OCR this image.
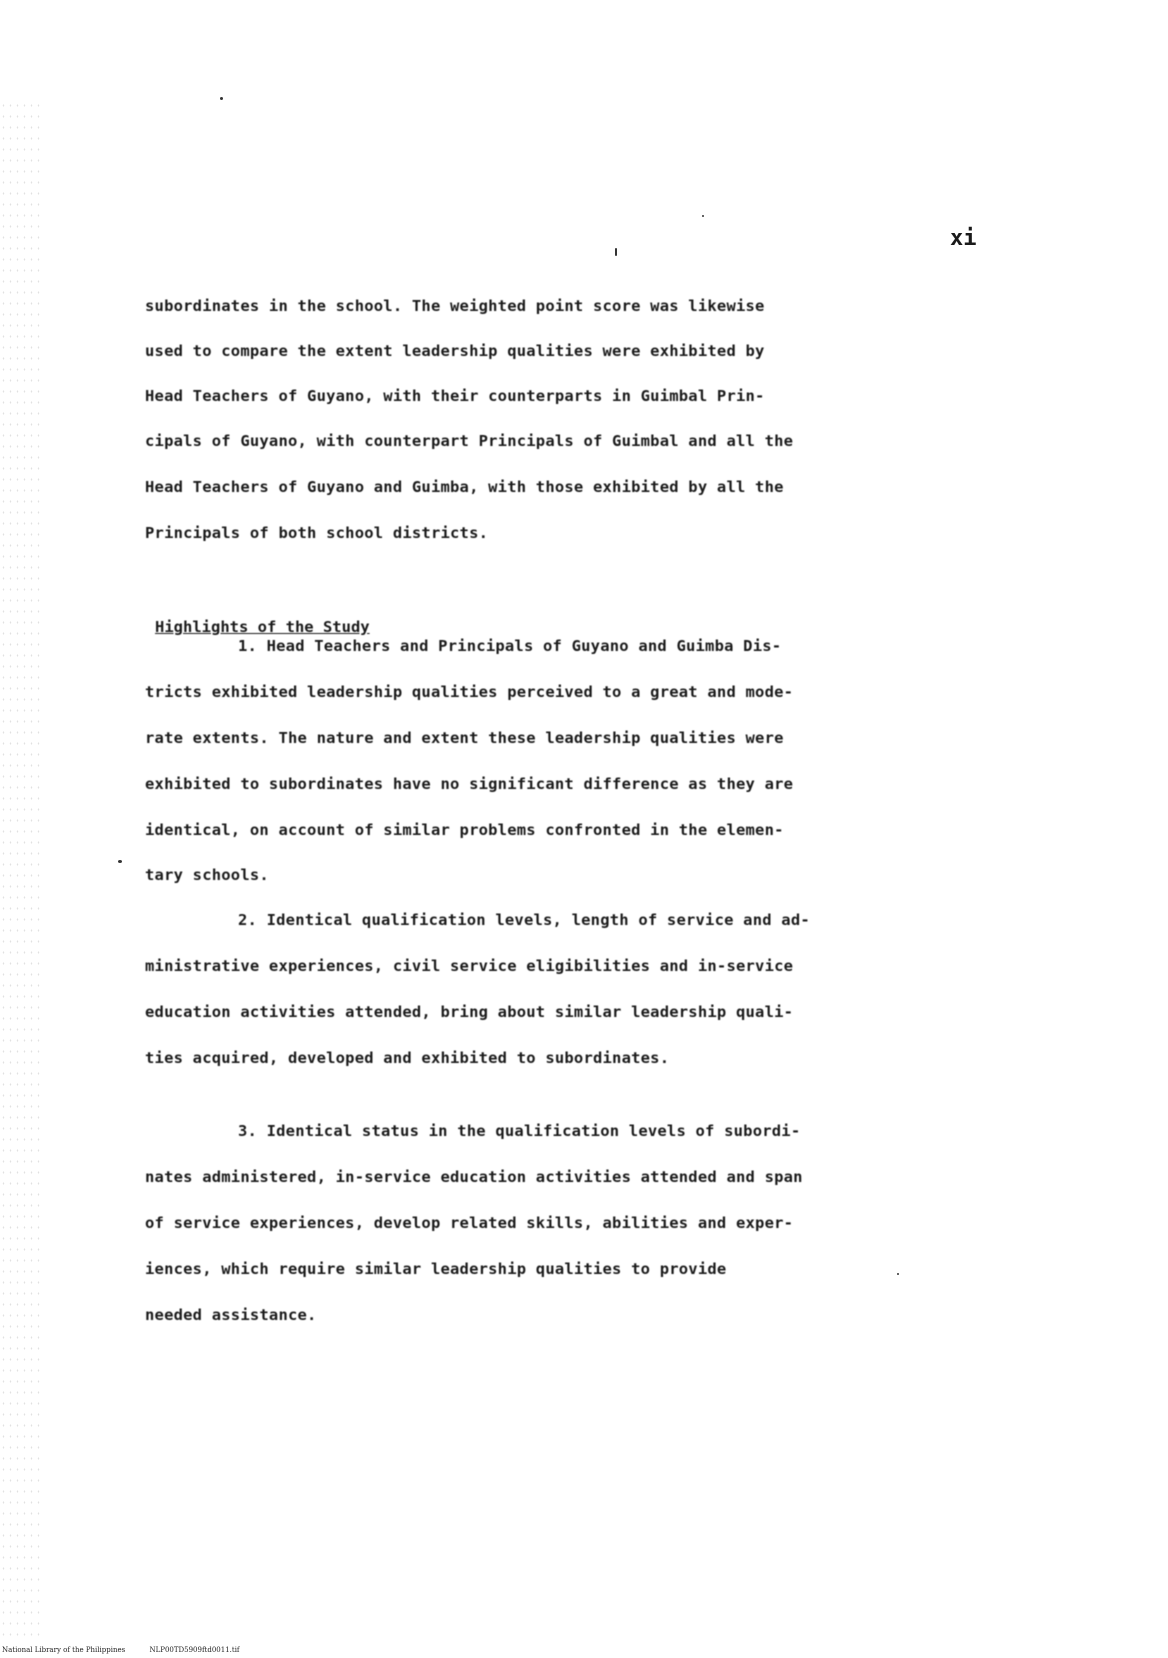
xi
subordinates in the school. The weighted point score was likewise
used to compare the extent leadership qualities were exhibited by
Head Teachers of Guyano, with their counterparts in Guimbal Prin-
cipals of Guyano, with counterpart Principals of Guimbal and all the
Head Teachers of Guyano and Guimba, with those exhibited by all the
Principals of both school districts.
Highlights of the Study
1. Head Teachers and Principals of Guyano and Guimba Dis-
tricts exhibited leadership qualities perceived to a great and mode-
rate extents. The nature and extent these leadership qualities were
exhibited to subordinates have no significant difference as they are
identical, on account of similar problems confronted in the elemen-
tary schools.
2. Identical qualification levels, length of service and ad-
ministrative experiences, civil service eligibilities and in-service
education activities attended, bring about similar leadership quali-
ties acquired, developed and exhibited to subordinates.
3. Identical status in the qualification levels of subordi-
nates administered, in-service education activities attended and span
of service experiences, develop related skills, abilities and exper-
iences, which require similar leadership qualities to provide
needed assistance.
National Library of the Philippines	NLP00TD5909ftd0011.tif
